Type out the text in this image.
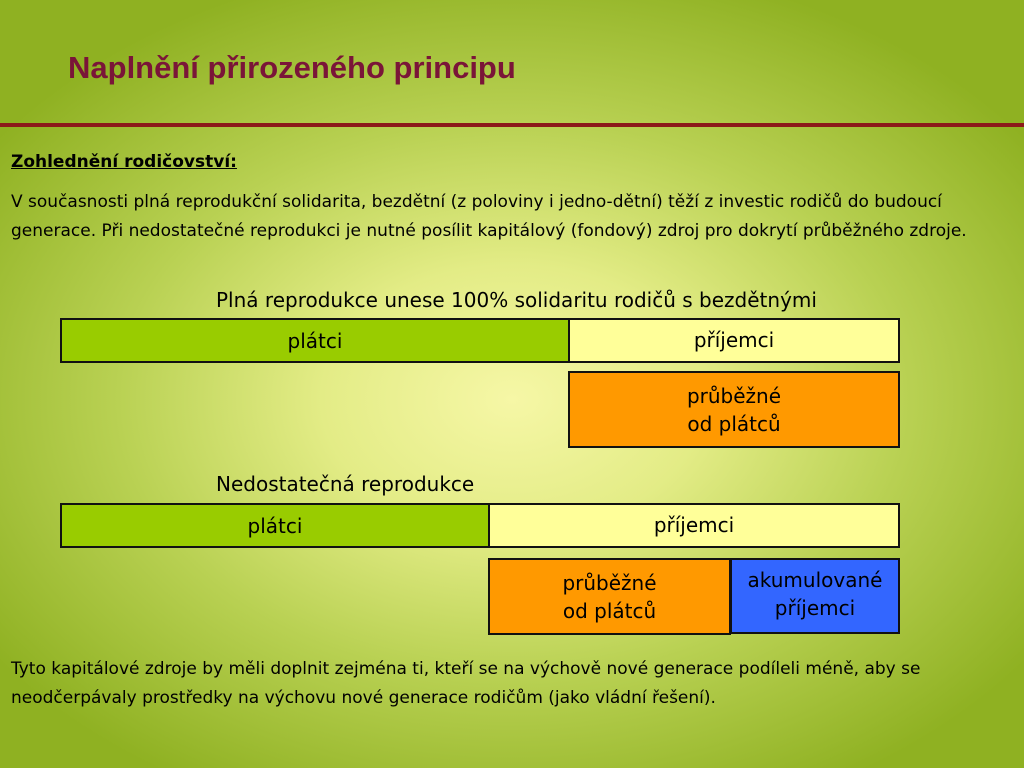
Naplnění přirozeného principu

Zohlednění rodičovství:

V současnosti plná reprodukční solidarita, bezdětní (z poloviny i jedno-dětní) těží z investic rodičů do budoucí generace. Při nedostatečné reprodukci je nutné posílit kapitálový (fondový) zdroj pro dokrytí průběžného zdroje.

Plná reprodukce unese 100% solidaritu rodičů s bezdětnými

plátci	příjemci
průběžné
od plátců

Nedostatečná reprodukce

plátci	příjemci
akumulované
příjemci
průběžné
od plátců

Tyto kapitálové zdroje by měli doplnit zejména ti, kteří se na výchově nové generace podíleli méně, aby se neodčerpávaly prostředky na výchovu nové generace rodičům (jako vládní řešení).
